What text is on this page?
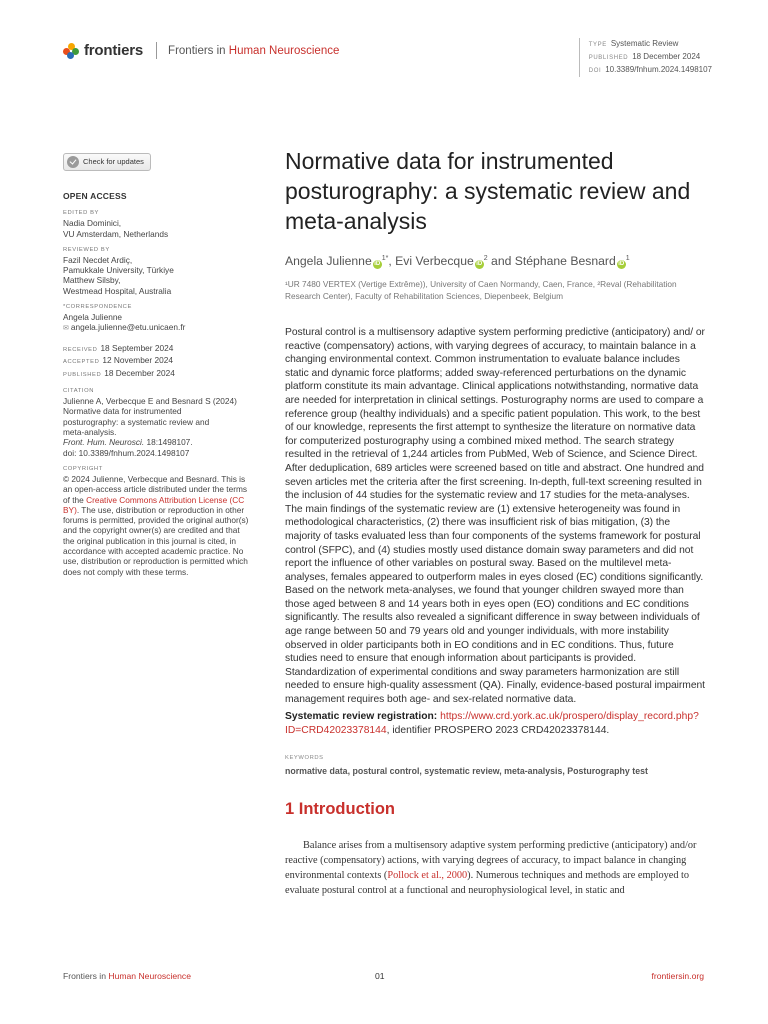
frontiers Frontiers in Human Neuroscience	TYPE Systematic Review
PUBLISHED 18 December 2024
DOI 10.3389/fnhum.2024.1498107
Check for updates
OPEN ACCESS
EDITED BY
Nadia Dominici,
VU Amsterdam, Netherlands
REVIEWED BY
Fazil Necdet Ardiç,
Pamukkale University, Türkiye
Matthew Silsby,
Westmead Hospital, Australia
*CORRESPONDENCE
Angela Julienne
✉ angela.julienne@etu.unicaen.fr
RECEIVED 18 September 2024
ACCEPTED 12 November 2024
PUBLISHED 18 December 2024
CITATION
Julienne A, Verbecque E and Besnard S (2024)
Normative data for instrumented
posturography: a systematic review and
meta-analysis.
Front. Hum. Neurosci. 18:1498107.
doi: 10.3389/fnhum.2024.1498107
COPYRIGHT
© 2024 Julienne, Verbecque and Besnard. This is an open-access article distributed under the terms of the Creative Commons Attribution License (CC BY). The use, distribution or reproduction in other forums is permitted, provided the original author(s) and the copyright owner(s) are credited and that the original publication in this journal is cited, in accordance with accepted academic practice. No use, distribution or reproduction is permitted which does not comply with these terms.
Normative data for instrumented posturography: a systematic review and meta-analysis
Angela Julienne $iD^{1*}$, Evi Verbecque $iD^2$ and Stéphane Besnard $iD^1$
¹UR 7480 VERTEX (Vertige Extrême)), University of Caen Normandy, Caen, France, ²Reval (Rehabilitation Research Center), Faculty of Rehabilitation Sciences, Diepenbeek, Belgium

Postural control is a multisensory adaptive system performing predictive (anticipatory) and/ or reactive (compensatory) actions, with varying degrees of accuracy, to maintain balance in a changing environmental context. Common instrumentation to evaluate balance includes static and dynamic force platforms; added sway-referenced perturbations on the dynamic platform constitute its main advantage. Clinical applications notwithstanding, normative data are needed for interpretation in clinical settings. Posturography norms are used to compare a reference group (healthy individuals) and a specific patient population. This work, to the best of our knowledge, represents the first attempt to synthesize the literature on normative data for computerized posturography using a combined mixed method. The search strategy resulted in the retrieval of 1,244 articles from PubMed, Web of Science, and Science Direct. After deduplication, 689 articles were screened based on title and abstract. One hundred and seven articles met the criteria after the first screening. In-depth, full-text screening resulted in the inclusion of 44 studies for the systematic review and 17 studies for the meta-analyses. The main findings of the systematic review are (1) extensive heterogeneity was found in methodological characteristics, (2) there was insufficient risk of bias mitigation, (3) the majority of tasks evaluated less than four components of the systems framework for postural control (SFPC), and (4) studies mostly used distance domain sway parameters and did not report the influence of other variables on postural sway. Based on the multilevel meta-analyses, females appeared to outperform males in eyes closed (EC) conditions significantly. Based on the network meta-analyses, we found that younger children swayed more than those aged between 8 and 14 years both in eyes open (EO) conditions and EC conditions significantly. The results also revealed a significant difference in sway between individuals of age range between 50 and 79 years old and younger individuals, with more instability observed in older participants both in EO conditions and in EC conditions. Thus, future studies need to ensure that enough information about participants is provided. Standardization of experimental conditions and sway parameters harmonization are still needed to ensure high-quality assessment (QA). Finally, evidence-based postural impairment management requires both age- and sex-related normative data.

Systematic review registration: https://www.crd.york.ac.uk/prospero/display_record.php?ID=CRD42023378144, identifier PROSPERO 2023 CRD42023378144.

KEYWORDS
normative data, postural control, systematic review, meta-analysis, Posturography test
1 Introduction

Balance arises from a multisensory adaptive system performing predictive (anticipatory) and/or reactive (compensatory) actions, with varying degrees of accuracy, to impact balance in changing environmental contexts (Pollock et al., 2000). Numerous techniques and methods are employed to evaluate postural control at a functional and neurophysiological level, in static and

Frontiers in Human Neuroscience	01	frontiersin.org
